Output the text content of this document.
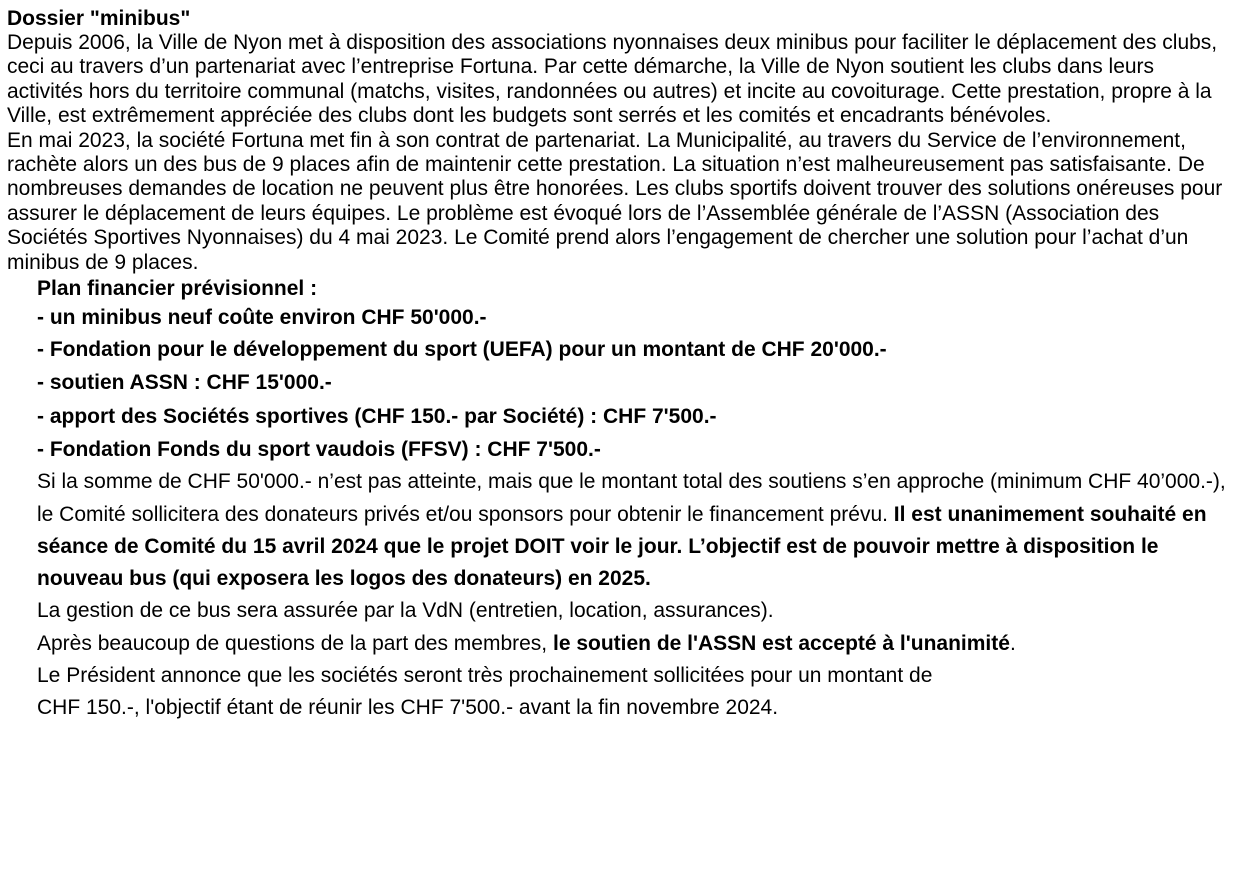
Dossier "minibus"

Depuis 2006, la Ville de Nyon met à disposition des associations nyonnaises deux minibus pour faciliter le déplacement des clubs, ceci au travers d’un partenariat avec l’entreprise Fortuna. Par cette démarche, la Ville de Nyon soutient les clubs dans leurs activités hors du territoire communal (matchs, visites, randonnées ou autres) et incite au covoiturage. Cette prestation, propre à la Ville, est extrêmement appréciée des clubs dont les budgets sont serrés et les comités et encadrants bénévoles.

En mai 2023, la société Fortuna met fin à son contrat de partenariat. La Municipalité, au travers du Service de l’environnement, rachète alors un des bus de 9 places afin de maintenir cette prestation. La situation n’est malheureusement pas satisfaisante. De nombreuses demandes de location ne peuvent plus être honorées. Les clubs sportifs doivent trouver des solutions onéreuses pour assurer le déplacement de leurs équipes. Le problème est évoqué lors de l’Assemblée générale de l’ASSN (Association des Sociétés Sportives Nyonnaises) du 4 mai 2023. Le Comité prend alors l’engagement de chercher une solution pour l’achat d’un minibus de 9 places.

Plan financier prévisionnel :

- un minibus neuf coûte environ CHF 50'000.-

- Fondation pour le développement du sport (UEFA) pour un montant de CHF 20'000.-

- soutien ASSN : CHF 15'000.-

- apport des Sociétés sportives (CHF 150.- par Société) : CHF 7'500.-

- Fondation Fonds du sport vaudois (FFSV) : CHF 7'500.-

Si la somme de CHF 50'000.- n’est pas atteinte, mais que le montant total des soutiens s’en approche (minimum CHF 40’000.-), le Comité sollicitera des donateurs privés et/ou sponsors pour obtenir le financement prévu. Il est unanimement souhaité en séance de Comité du 15 avril 2024 que le projet DOIT voir le jour. L’objectif est de pouvoir mettre à disposition le nouveau bus (qui exposera les logos des donateurs) en 2025.

La gestion de ce bus sera assurée par la VdN (entretien, location, assurances).

Après beaucoup de questions de la part des membres, le soutien de l'ASSN est accepté à l'unanimité.

Le Président annonce que les sociétés seront très prochainement sollicitées pour un montant de
CHF 150.-, l'objectif étant de réunir les CHF 7'500.- avant la fin novembre 2024.
